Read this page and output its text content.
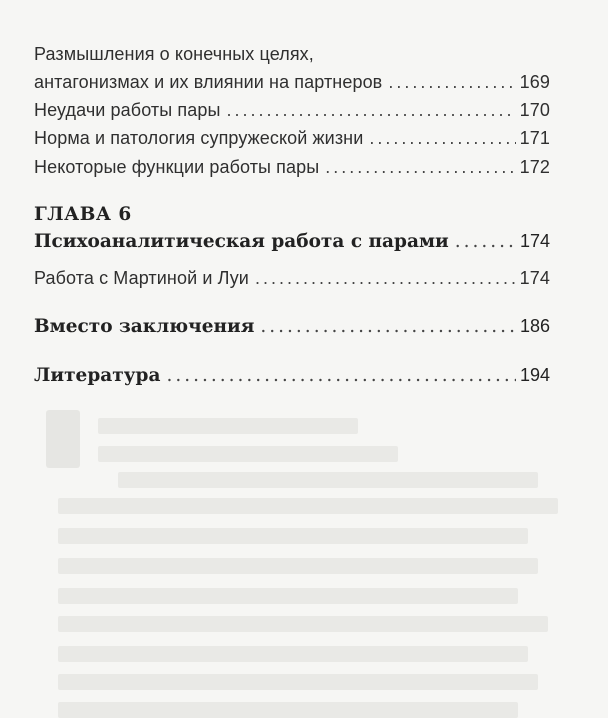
Размышления о конечных целях,
антагонизмах и их влиянии на партнеров .....	169
Неудачи работы пары .....	170
Норма и патология супружеской жизни .....	171
Некоторые функции работы пары .....	172
ГЛАВА 6
Психоаналитическая работа с парами .....	174
Работа с Мартиной и Луи .....	174
Вместо заключения .....	186
Литература .....	194
